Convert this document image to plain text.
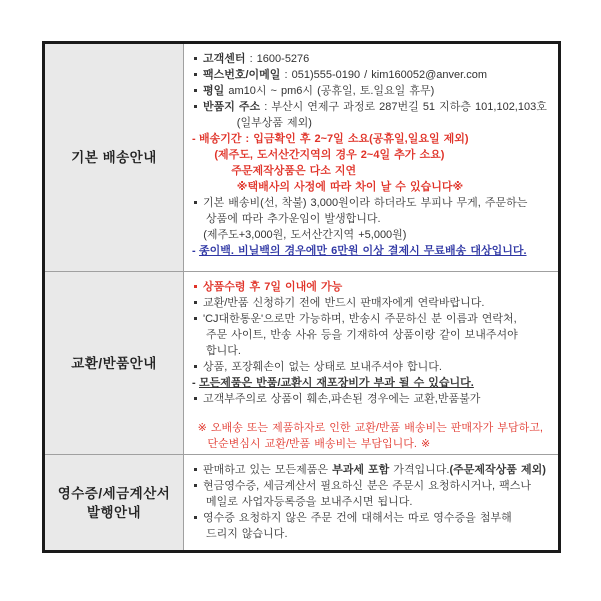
기본 배송안내
고객센터 : 1600-5276
팩스번호/이메일 : 051)555-0190 / kim160052@anver.com
평일 am10시 ~ pm6시 (공휴일, 토.일요일 휴무)
반품지 주소 : 부산시 연제구 과정로 287번길 51 지하층 101,102,103호
(일부상품 제외)
- 배송기간 : 입금확인 후 2~7일 소요(공휴일,일요일 제외)
(제주도, 도서산간지역의 경우 2~4일 추가 소요)
주문제작상품은 다소 지연
※택배사의 사정에 따라 차이 날 수 있습니다※
기본 배송비(선, 착불) 3,000원이라 하더라도 부피나 무게, 주문하는
상품에 따라 추가운임이 발생합니다.
(제주도+3,000원, 도서산간지역 +5,000원)
- 종이백. 비닐백의 경우에만 6만원 이상 결제시 무료배송 대상입니다.
교환/반품안내
상품수령 후 7일 이내에 가능
교환/반품 신청하기 전에 반드시 판매자에게 연락바랍니다.
'CJ대한통운'으로만 가능하며, 반송시 주문하신 분 이름과 연락처,
주문 사이트, 반송 사유 등을 기재하여 상품이랑 같이 보내주셔야
합니다.
상품, 포장훼손이 없는 상태로 보내주셔야 합니다.
- 모든제품은 반품/교환시 재포장비가 부과 될 수 있습니다.
고객부주의로 상품이 훼손,파손된 경우에는 교환,반품불가
※ 오배송 또는 제품하자로 인한 교환/반품 배송비는 판매자가 부담하고,
단순변심시 교환/반품 배송비는 부담입니다. ※
영수증/세금계산서
발행안내
판매하고 있는 모든제품은 부과세 포함 가격입니다.(주문제작상품 제외)
현금영수증, 세금계산서 필요하신 분은 주문시 요청하시거나, 팩스나
메일로 사업자등록증을 보내주시면 됩니다.
영수증 요청하지 않은 주문 건에 대해서는 따로 영수증을 첨부해
드리지 않습니다.
